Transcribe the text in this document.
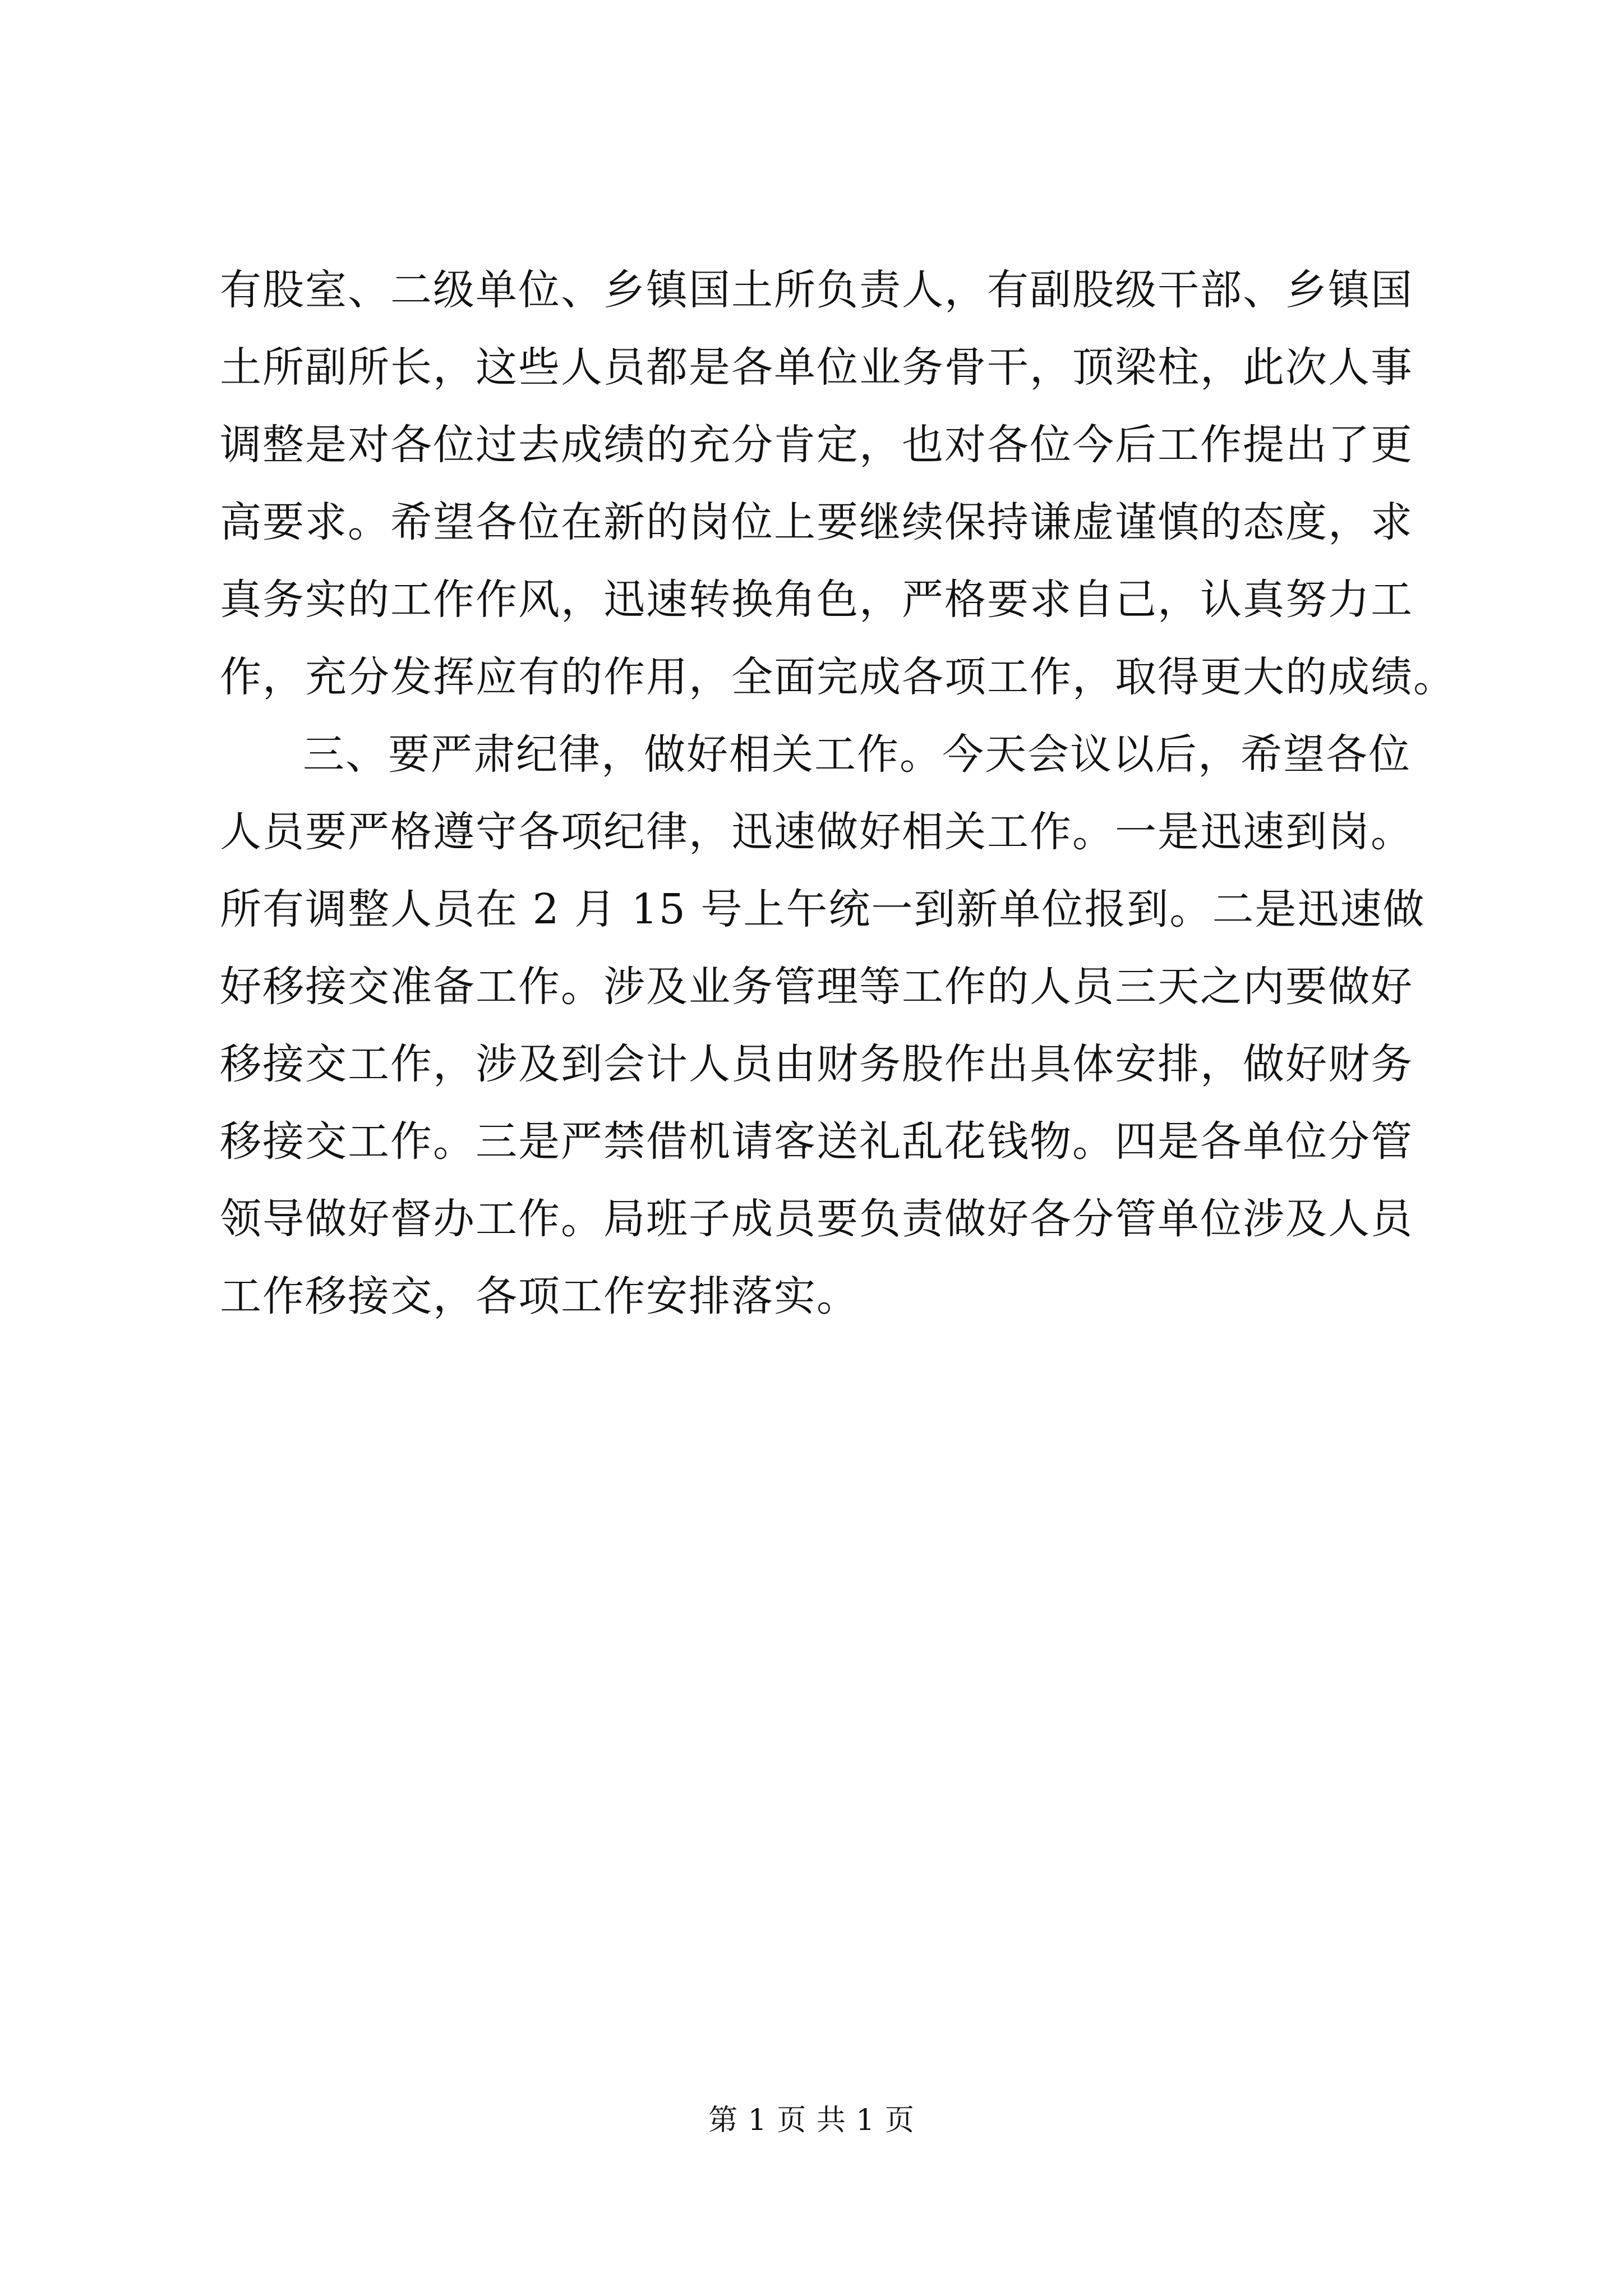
有股室、二级单位、乡镇国土所负责人，有副股级干部、乡镇国
土所副所长，这些人员都是各单位业务骨干，顶梁柱，此次人事
调整是对各位过去成绩的充分肯定，也对各位今后工作提出了更
高要求。希望各位在新的岗位上要继续保持谦虚谨慎的态度，求
真务实的工作作风，迅速转换角色，严格要求自己，认真努力工
作，充分发挥应有的作用，全面完成各项工作，取得更大的成绩。

三、要严肃纪律，做好相关工作。今天会议以后，希望各位
人员要严格遵守各项纪律，迅速做好相关工作。一是迅速到岗。
所有调整人员在 2 月 15 号上午统一到新单位报到。二是迅速做
好移接交准备工作。涉及业务管理等工作的人员三天之内要做好
移接交工作，涉及到会计人员由财务股作出具体安排，做好财务
移接交工作。三是严禁借机请客送礼乱花钱物。四是各单位分管
领导做好督办工作。局班子成员要负责做好各分管单位涉及人员
工作移接交，各项工作安排落实。

第 1 页 共 1 页
